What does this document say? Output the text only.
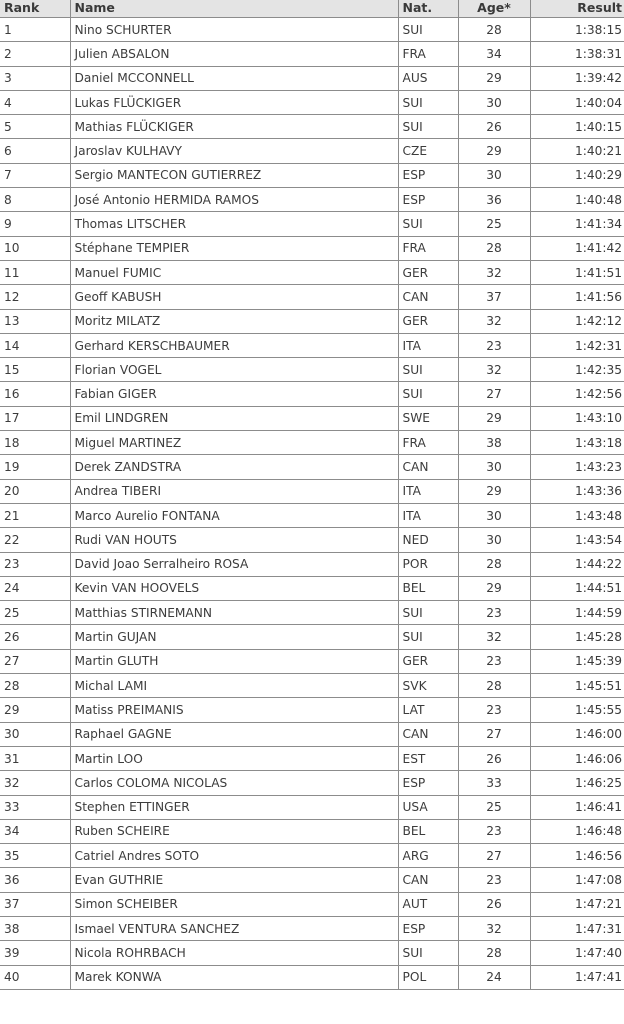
Rank	Name	Nat.	Age*	Result
1	Nino SCHURTER	SUI	28	1:38:15
2	Julien ABSALON	FRA	34	1:38:31
3	Daniel MCCONNELL	AUS	29	1:39:42
4	Lukas FLÜCKIGER	SUI	30	1:40:04
5	Mathias FLÜCKIGER	SUI	26	1:40:15
6	Jaroslav KULHAVY	CZE	29	1:40:21
7	Sergio MANTECON GUTIERREZ	ESP	30	1:40:29
8	José Antonio HERMIDA RAMOS	ESP	36	1:40:48
9	Thomas LITSCHER	SUI	25	1:41:34
10	Stéphane TEMPIER	FRA	28	1:41:42
11	Manuel FUMIC	GER	32	1:41:51
12	Geoff KABUSH	CAN	37	1:41:56
13	Moritz MILATZ	GER	32	1:42:12
14	Gerhard KERSCHBAUMER	ITA	23	1:42:31
15	Florian VOGEL	SUI	32	1:42:35
16	Fabian GIGER	SUI	27	1:42:56
17	Emil LINDGREN	SWE	29	1:43:10
18	Miguel MARTINEZ	FRA	38	1:43:18
19	Derek ZANDSTRA	CAN	30	1:43:23
20	Andrea TIBERI	ITA	29	1:43:36
21	Marco Aurelio FONTANA	ITA	30	1:43:48
22	Rudi VAN HOUTS	NED	30	1:43:54
23	David Joao Serralheiro ROSA	POR	28	1:44:22
24	Kevin VAN HOOVELS	BEL	29	1:44:51
25	Matthias STIRNEMANN	SUI	23	1:44:59
26	Martin GUJAN	SUI	32	1:45:28
27	Martin GLUTH	GER	23	1:45:39
28	Michal LAMI	SVK	28	1:45:51
29	Matiss PREIMANIS	LAT	23	1:45:55
30	Raphael GAGNE	CAN	27	1:46:00
31	Martin LOO	EST	26	1:46:06
32	Carlos COLOMA NICOLAS	ESP	33	1:46:25
33	Stephen ETTINGER	USA	25	1:46:41
34	Ruben SCHEIRE	BEL	23	1:46:48
35	Catriel Andres SOTO	ARG	27	1:46:56
36	Evan GUTHRIE	CAN	23	1:47:08
37	Simon SCHEIBER	AUT	26	1:47:21
38	Ismael VENTURA SANCHEZ	ESP	32	1:47:31
39	Nicola ROHRBACH	SUI	28	1:47:40
40	Marek KONWA	POL	24	1:47:41
